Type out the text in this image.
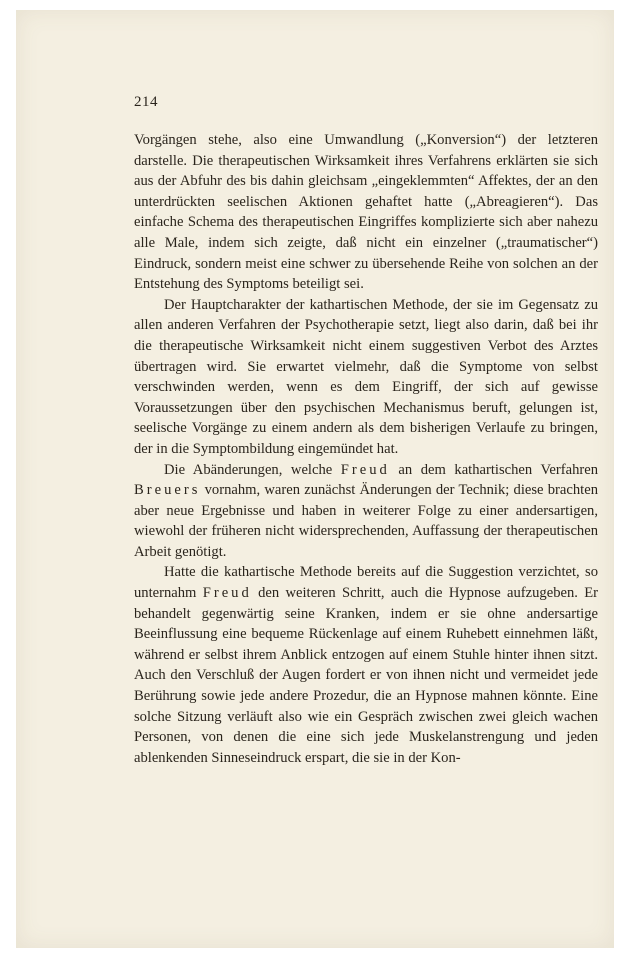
214

Vorgängen stehe, also eine Umwandlung („Konversion“) der letzteren darstelle. Die therapeutischen Wirksamkeit ihres Verfahrens erklärten sie sich aus der Abfuhr des bis dahin gleichsam „eingeklemmten“ Affektes, der an den unterdrückten seelischen Aktionen gehaftet hatte („Abreagieren“). Das einfache Schema des therapeutischen Eingriffes komplizierte sich aber nahezu alle Male, indem sich zeigte, daß nicht ein einzelner („traumatischer“) Eindruck, sondern meist eine schwer zu übersehende Reihe von solchen an der Entstehung des Symptoms beteiligt sei.

Der Hauptcharakter der kathartischen Methode, der sie im Gegensatz zu allen anderen Verfahren der Psychotherapie setzt, liegt also darin, daß bei ihr die therapeutische Wirksamkeit nicht einem suggestiven Verbot des Arztes übertragen wird. Sie erwartet vielmehr, daß die Symptome von selbst verschwinden werden, wenn es dem Eingriff, der sich auf gewisse Voraussetzungen über den psychischen Mechanismus beruft, gelungen ist, seelische Vorgänge zu einem andern als dem bisherigen Verlaufe zu bringen, der in die Symptombildung eingemündet hat.

Die Abänderungen, welche Freud an dem kathartischen Verfahren Breuers vornahm, waren zunächst Änderungen der Technik; diese brachten aber neue Ergebnisse und haben in weiterer Folge zu einer andersartigen, wiewohl der früheren nicht widersprechenden, Auffassung der therapeutischen Arbeit genötigt.

Hatte die kathartische Methode bereits auf die Suggestion verzichtet, so unternahm Freud den weiteren Schritt, auch die Hypnose aufzugeben. Er behandelt gegenwärtig seine Kranken, indem er sie ohne andersartige Beeinflussung eine bequeme Rückenlage auf einem Ruhebett einnehmen läßt, während er selbst ihrem Anblick entzogen auf einem Stuhle hinter ihnen sitzt. Auch den Verschluß der Augen fordert er von ihnen nicht und vermeidet jede Berührung sowie jede andere Prozedur, die an Hypnose mahnen könnte. Eine solche Sitzung verläuft also wie ein Gespräch zwischen zwei gleich wachen Personen, von denen die eine sich jede Muskelanstrengung und jeden ablenkenden Sinneseindruck erspart, die sie in der Kon-
